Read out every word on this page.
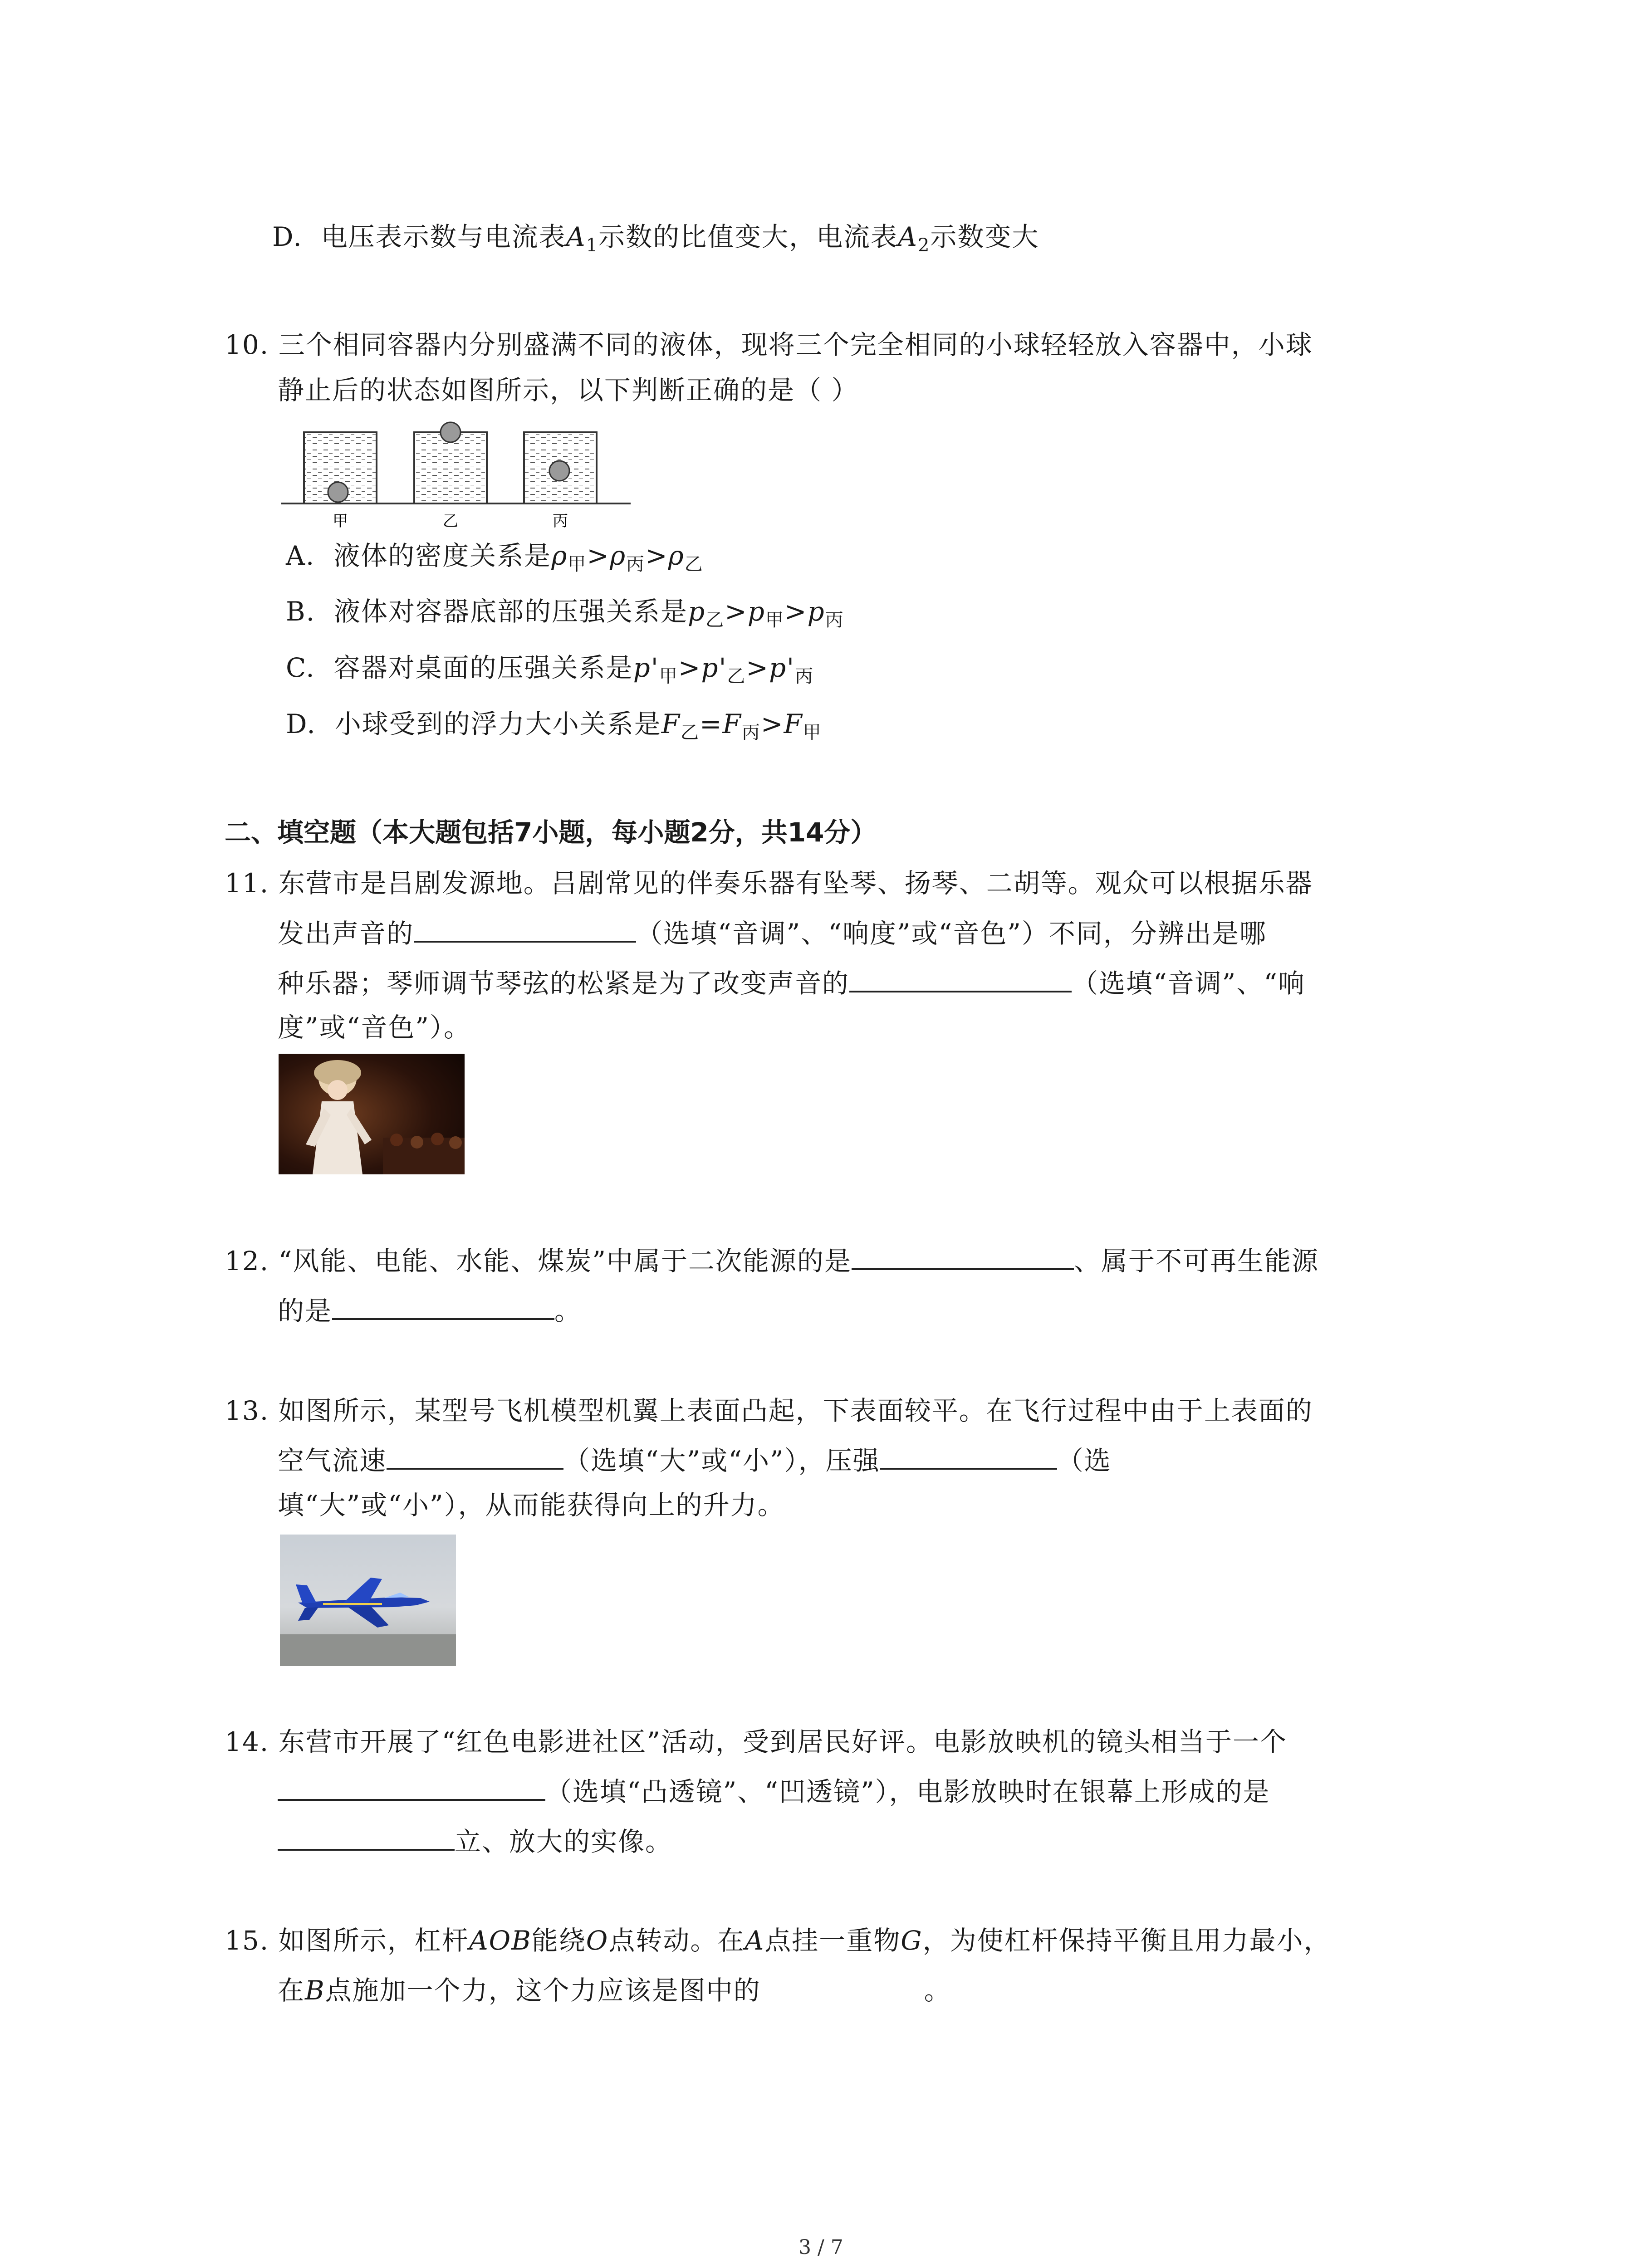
D. 电压表示数与电流表$A_1$示数的比值变大，电流表$A_2$示数变大
10. 三个相同容器内分别盛满不同的液体，现将三个完全相同的小球轻轻放入容器中，小球
静止后的状态如图所示，以下判断正确的是（ ）
甲	乙	丙
A. 液体的密度关系是$\rho_甲>\rho_丙>\rho_乙$
B. 液体对容器底部的压强关系是$p_乙>p_甲>p_丙$
C. 容器对桌面的压强关系是$p'_甲>p'_乙>p'_丙$
D. 小球受到的浮力大小关系是$F_乙=F_丙>F_甲$
二、填空题（本大题包括7小题，每小题2分，共14分）
11. 东营市是吕剧发源地。吕剧常见的伴奏乐器有坠琴、扬琴、二胡等。观众可以根据乐器
发出声音的	（选填“音调”、“响度”或“音色”）不同，分辨出是哪
种乐器；琴师调节琴弦的松紧是为了改变声音的	（选填“音调”、“响
度”或“音色”）。
12. “风能、电能、水能、煤炭”中属于二次能源的是	、属于不可再生能源
的是	。
13. 如图所示，某型号飞机模型机翼上表面凸起，下表面较平。在飞行过程中由于上表面的
空气流速	（选填“大”或“小”），压强	（选
填“大”或“小”），从而能获得向上的升力。
14. 东营市开展了“红色电影进社区”活动，受到居民好评。电影放映机的镜头相当于一个
（选填“凸透镜”、“凹透镜”），电影放映时在银幕上形成的是
立、放大的实像。
15. 如图所示，杠杆AOB能绕O点转动。在A点挂一重物G，为使杠杆保持平衡且用力最小，
在B点施加一个力，这个力应该是图中的	。
3 / 7
